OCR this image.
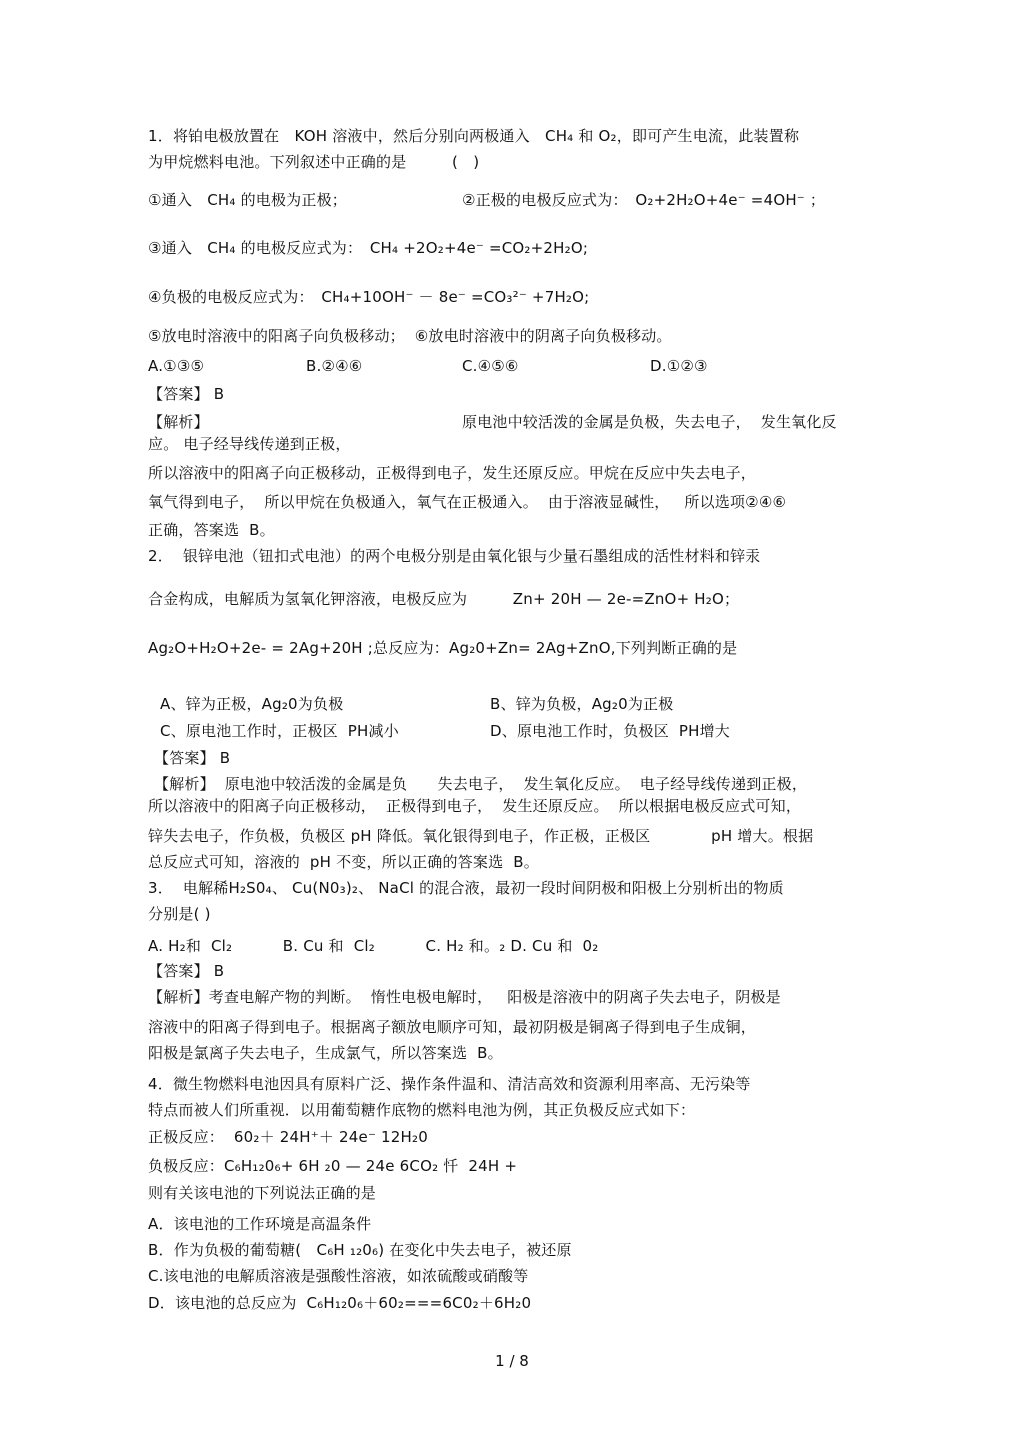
1．将铂电极放置在　KOH 溶液中，然后分别向两极通入　CH₄ 和 O₂，即可产生电流，此装置称
为甲烷燃料电池。下列叙述中正确的是　　　(　)
①通入　CH₄ 的电极为正极；	②正极的电极反应式为：　O₂+2H₂O+4e⁻ =4OH⁻ ；
③通入　CH₄ 的电极反应式为：　CH₄ +2O₂+4e⁻ =CO₂+2H₂O;
④负极的电极反应式为：　CH₄+10OH⁻ － 8e⁻ =CO₃²⁻ +7H₂O;
⑤放电时溶液中的阳离子向负极移动；  ⑥放电时溶液中的阴离子向负极移动。
A.①③⑤	B.②④⑥	C.④⑤⑥	D.①②③
【答案】 B
【解析】	原电池中较活泼的金属是负极，失去电子，  发生氧化反
应。 电子经导线传递到正极，
所以溶液中的阳离子向正极移动，正极得到电子，发生还原反应。甲烷在反应中失去电子，
氧气得到电子，  所以甲烷在负极通入，氧气在正极通入。  由于溶液显碱性，   所以选项②④⑥
正确，答案选  B。
2．  银锌电池（钮扣式电池）的两个电极分别是由氧化银与少量石墨组成的活性材料和锌汞
合金构成，电解质为氢氧化钾溶液，电极反应为　　　Zn+ 20H — 2e-=ZnO+ H₂O；
Ag₂O+H₂O+2e- = 2Ag+20H ;总反应为：Ag₂0+Zn= 2Ag+ZnO,下列判断正确的是
A、锌为正极，Ag₂0为负极	B、锌为负极，Ag₂0为正极
C、原电池工作时，正极区  PH减小	D、原电池工作时，负极区  PH增大
【答案】 B
【解析】  原电池中较活泼的金属是负　　失去电子，  发生氧化反应。  电子经导线传递到正极，
所以溶液中的阳离子向正极移动，  正极得到电子，  发生还原反应。  所以根据电极反应式可知，
锌失去电子，作负极，负极区 pH 降低。氧化银得到电子，作正极，正极区　　　　pH 增大。根据
总反应式可知，溶液的  pH 不变，所以正确的答案选  B。
3．  电解稀H₂S0₄、 Cu(N0₃)₂、 NaCl 的混合液，最初一段时间阴极和阳极上分别析出的物质
分别是( )
A. H₂和  Cl₂　　　 B. Cu 和  Cl₂　　　 C. H₂ 和。₂ D. Cu 和  0₂
【答案】 B
【解析】考查电解产物的判断。  惰性电极电解时，   阳极是溶液中的阴离子失去电子，阴极是
溶液中的阳离子得到电子。根据离子额放电顺序可知，最初阴极是铜离子得到电子生成铜，
阳极是氯离子失去电子，生成氯气，所以答案选  B。
4．微生物燃料电池因具有原料广泛、操作条件温和、清洁高效和资源利用率高、无污染等
特点而被人们所重视．以用葡萄糖作底物的燃料电池为例，其正负极反应式如下：
正极反应：  60₂＋ 24H⁺＋ 24e⁻ 12H₂0
负极反应：C₆H₁₂0₆+ 6H ₂0 — 24e 6CO₂ 忏  24H +
则有关该电池的下列说法正确的是
A．该电池的工作环境是高温条件
B．作为负极的葡萄糖(　C₆H ₁₂0₆) 在变化中失去电子，被还原
C.该电池的电解质溶液是强酸性溶液，如浓硫酸或硝酸等
D．该电池的总反应为  C₆H₁₂0₆＋60₂===6C0₂＋6H₂0
1 / 8
